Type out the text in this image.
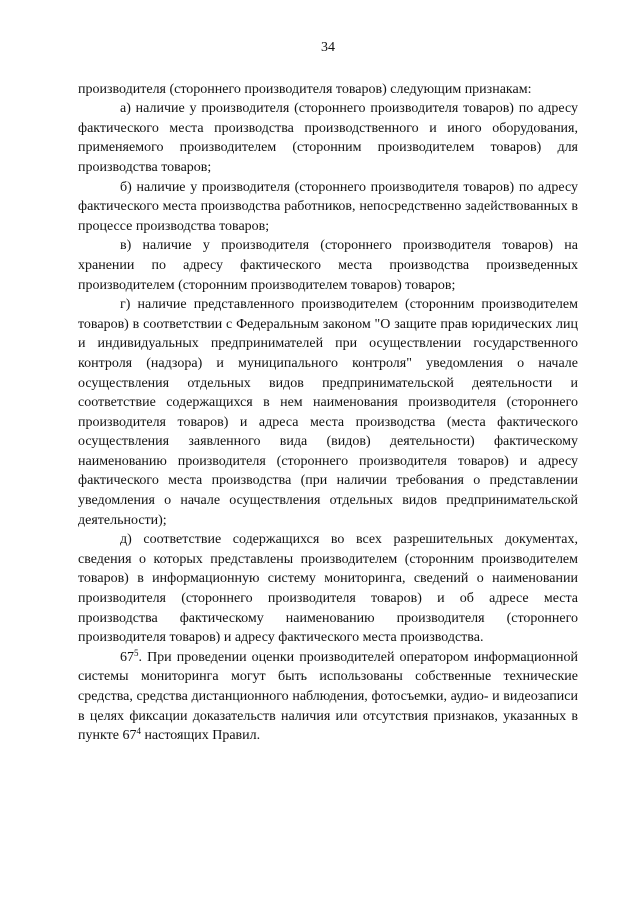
34

производителя (стороннего производителя товаров) следующим признакам:

а) наличие у производителя (стороннего производителя товаров) по адресу фактического места производства производственного и иного оборудования, применяемого производителем (сторонним производителем товаров) для производства товаров;

б) наличие у производителя (стороннего производителя товаров) по адресу фактического места производства работников, непосредственно задействованных в процессе производства товаров;

в) наличие у производителя (стороннего производителя товаров) на хранении по адресу фактического места производства произведенных производителем (сторонним производителем товаров) товаров;

г) наличие представленного производителем (сторонним производителем товаров) в соответствии с Федеральным законом "О защите прав юридических лиц и индивидуальных предпринимателей при осуществлении государственного контроля (надзора) и муниципального контроля" уведомления о начале осуществления отдельных видов предпринимательской деятельности и соответствие содержащихся в нем наименования производителя (стороннего производителя товаров) и адреса места производства (места фактического осуществления заявленного вида (видов) деятельности) фактическому наименованию производителя (стороннего производителя товаров) и адресу фактического места производства (при наличии требования о представлении уведомления о начале осуществления отдельных видов предпринимательской деятельности);

д) соответствие содержащихся во всех разрешительных документах, сведения о которых представлены производителем (сторонним производителем товаров) в информационную систему мониторинга, сведений о наименовании производителя (стороннего производителя товаров) и об адресе места производства фактическому наименованию производителя (стороннего производителя товаров) и адресу фактического места производства.

$67^5$. При проведении оценки производителей оператором информационной системы мониторинга могут быть использованы собственные технические средства, средства дистанционного наблюдения, фотосъемки, аудио- и видеозаписи в целях фиксации доказательств наличия или отсутствия признаков, указанных в пункте $67^4$ настоящих Правил.
